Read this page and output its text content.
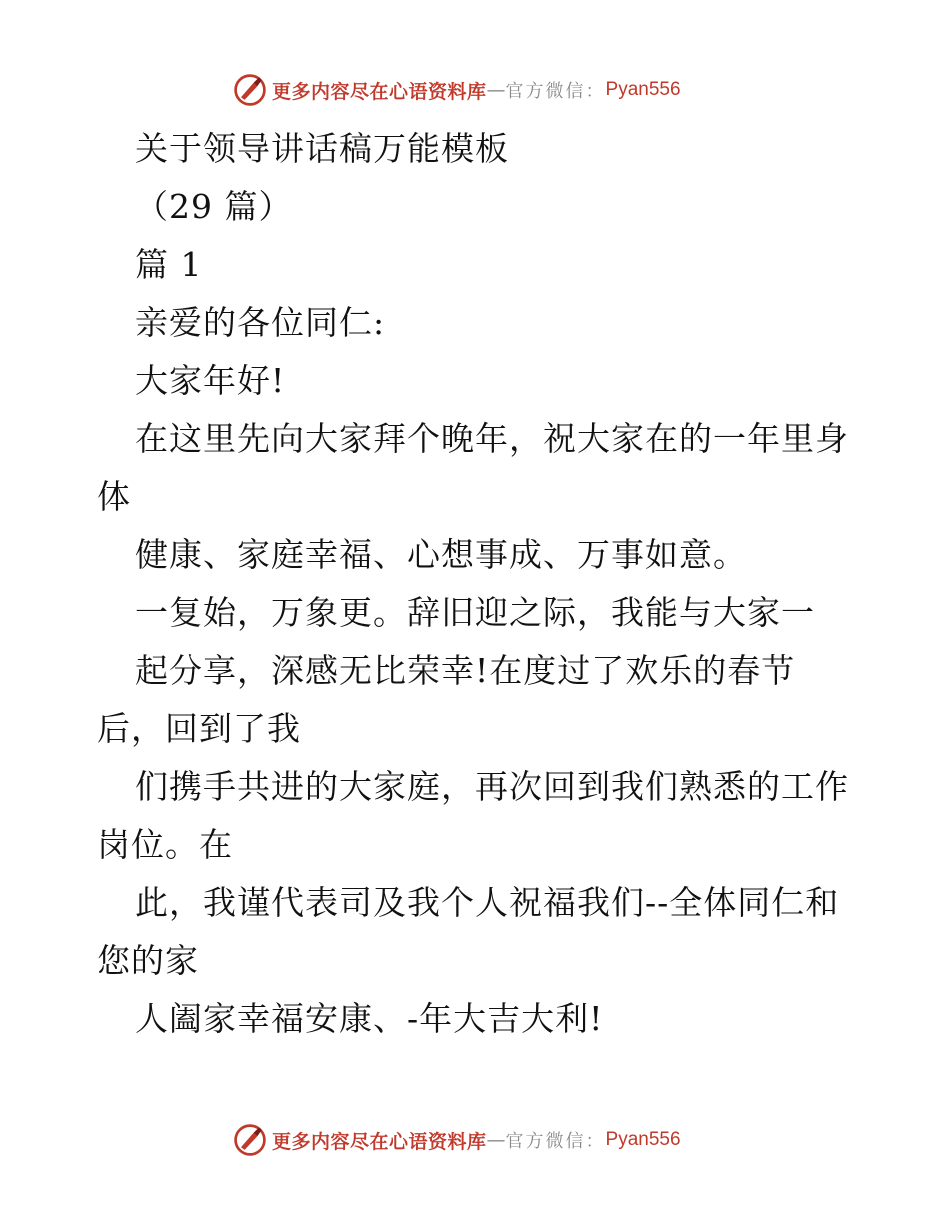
更多内容尽在心语资料库 — 官方微信： Pyan556
关于领导讲话稿万能模板
（29 篇）
篇 1
亲爱的各位同仁:
大家年好!
在这里先向大家拜个晚年，祝大家在的一年里身
体
健康、家庭幸福、心想事成、万事如意。
一复始，万象更。辞旧迎之际，我能与大家一
起分享，深感无比荣幸!在度过了欢乐的春节
后，回到了我
们携手共进的大家庭，再次回到我们熟悉的工作
岗位。在
此，我谨代表司及我个人祝福我们--全体同仁和
您的家
人阖家幸福安康、-年大吉大利!
更多内容尽在心语资料库 — 官方微信： Pyan556
